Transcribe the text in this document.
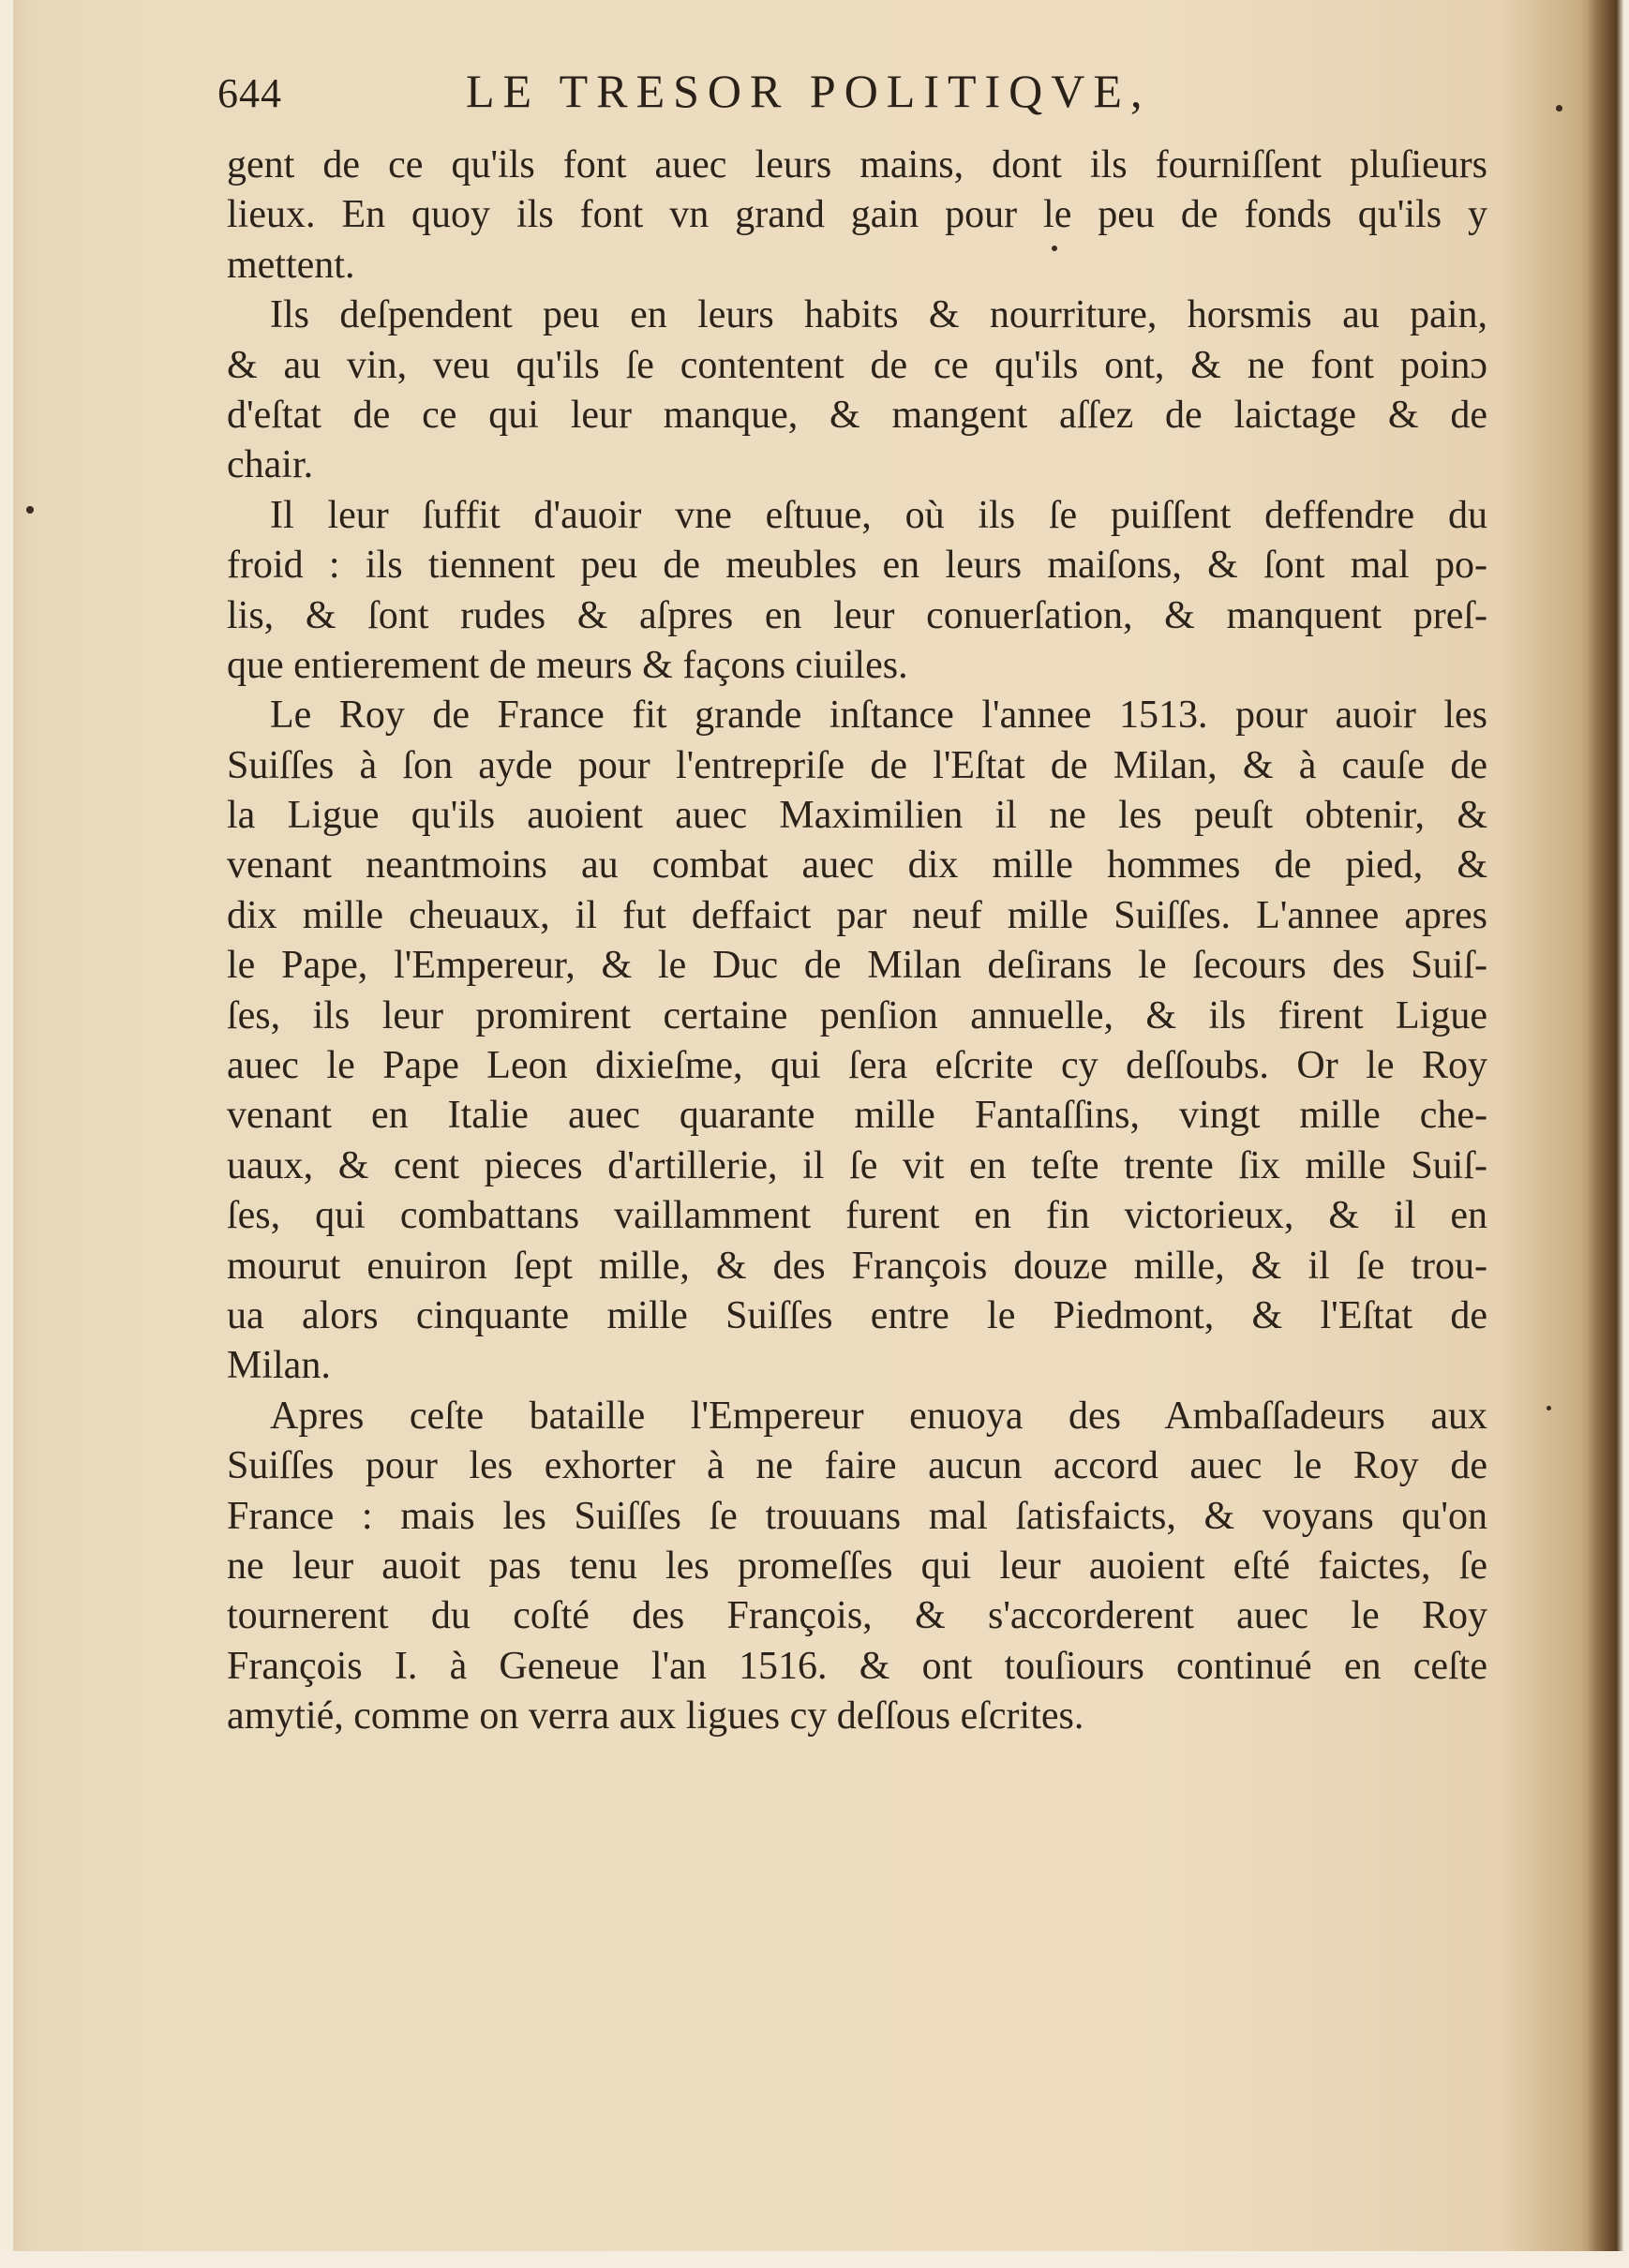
644	LE TRESOR POLITIQVE,
gent de ce qu'ils font auec leurs mains, dont ils fourniſſent pluſieurs
lieux. En quoy ils font vn grand gain pour le peu de fonds qu'ils y
mettent.
Ils deſpendent peu en leurs habits & nourriture, horsmis au pain,
& au vin, veu qu'ils ſe contentent de ce qu'ils ont, & ne font poinɔ
d'eſtat de ce qui leur manque, & mangent aſſez de laictage & de
chair.
Il leur ſuffit d'auoir vne eſtuue, où ils ſe puiſſent deffendre du
froid : ils tiennent peu de meubles en leurs maiſons, & ſont mal po-
lis, & ſont rudes & aſpres en leur conuerſation, & manquent preſ-
que entierement de meurs & façons ciuiles.
Le Roy de France fit grande inſtance l'annee 1513. pour auoir les
Suiſſes à ſon ayde pour l'entrepriſe de l'Eſtat de Milan, & à cauſe de
la Ligue qu'ils auoient auec Maximilien il ne les peuſt obtenir, &
venant neantmoins au combat auec dix mille hommes de pied, &
dix mille cheuaux, il fut deffaict par neuf mille Suiſſes. L'annee apres
le Pape, l'Empereur, & le Duc de Milan deſirans le ſecours des Suiſ-
ſes, ils leur promirent certaine penſion annuelle, & ils firent Ligue
auec le Pape Leon dixieſme, qui ſera eſcrite cy deſſoubs. Or le Roy
venant en Italie auec quarante mille Fantaſſins, vingt mille che-
uaux, & cent pieces d'artillerie, il ſe vit en teſte trente ſix mille Suiſ-
ſes, qui combattans vaillamment furent en fin victorieux, & il en
mourut enuiron ſept mille, & des François douze mille, & il ſe trou-
ua alors cinquante mille Suiſſes entre le Piedmont, & l'Eſtat de
Milan.
Apres ceſte bataille l'Empereur enuoya des Ambaſſadeurs aux
Suiſſes pour les exhorter à ne faire aucun accord auec le Roy de
France : mais les Suiſſes ſe trouuans mal ſatisfaicts, & voyans qu'on
ne leur auoit pas tenu les promeſſes qui leur auoient eſté faictes, ſe
tournerent du coſté des François, & s'accorderent auec le Roy
François I. à Geneue l'an 1516. & ont touſiours continué en ceſte
amytié, comme on verra aux ligues cy deſſous eſcrites.
